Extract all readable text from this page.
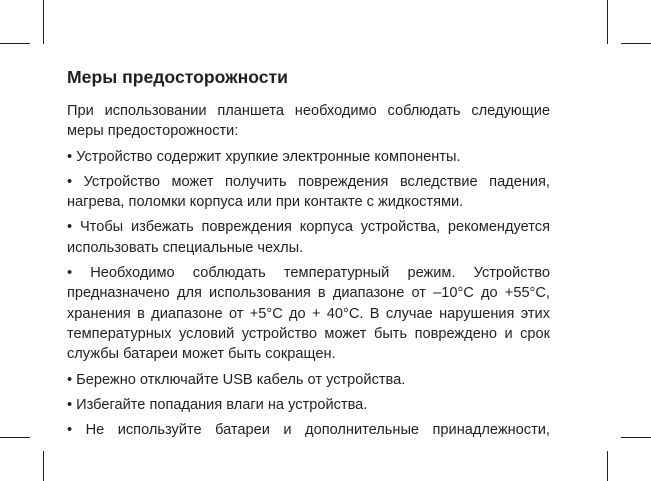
Меры предосторожности

При использовании планшета необходимо соблюдать следующие меры предосторожности:

• Устройство содержит хрупкие электронные компоненты.

• Устройство может получить повреждения вследствие падения, нагрева, поломки корпуса или при контакте с жидкостями.

• Чтобы избежать повреждения корпуса устройства, рекомендуется использовать специальные чехлы.

• Необходимо соблюдать температурный режим. Устройство предназначено для использования в диапазоне от –10°C до +55°C, хранения в диапазоне от +5°C до + 40°C. В случае нарушения этих температурных условий устройство может быть повреждено и срок службы батареи может быть сокращен.

• Бережно отключайте USB кабель от устройства.

• Избегайте попадания влаги на устройства.

• Не используйте батареи и дополнительные принадлежности,
